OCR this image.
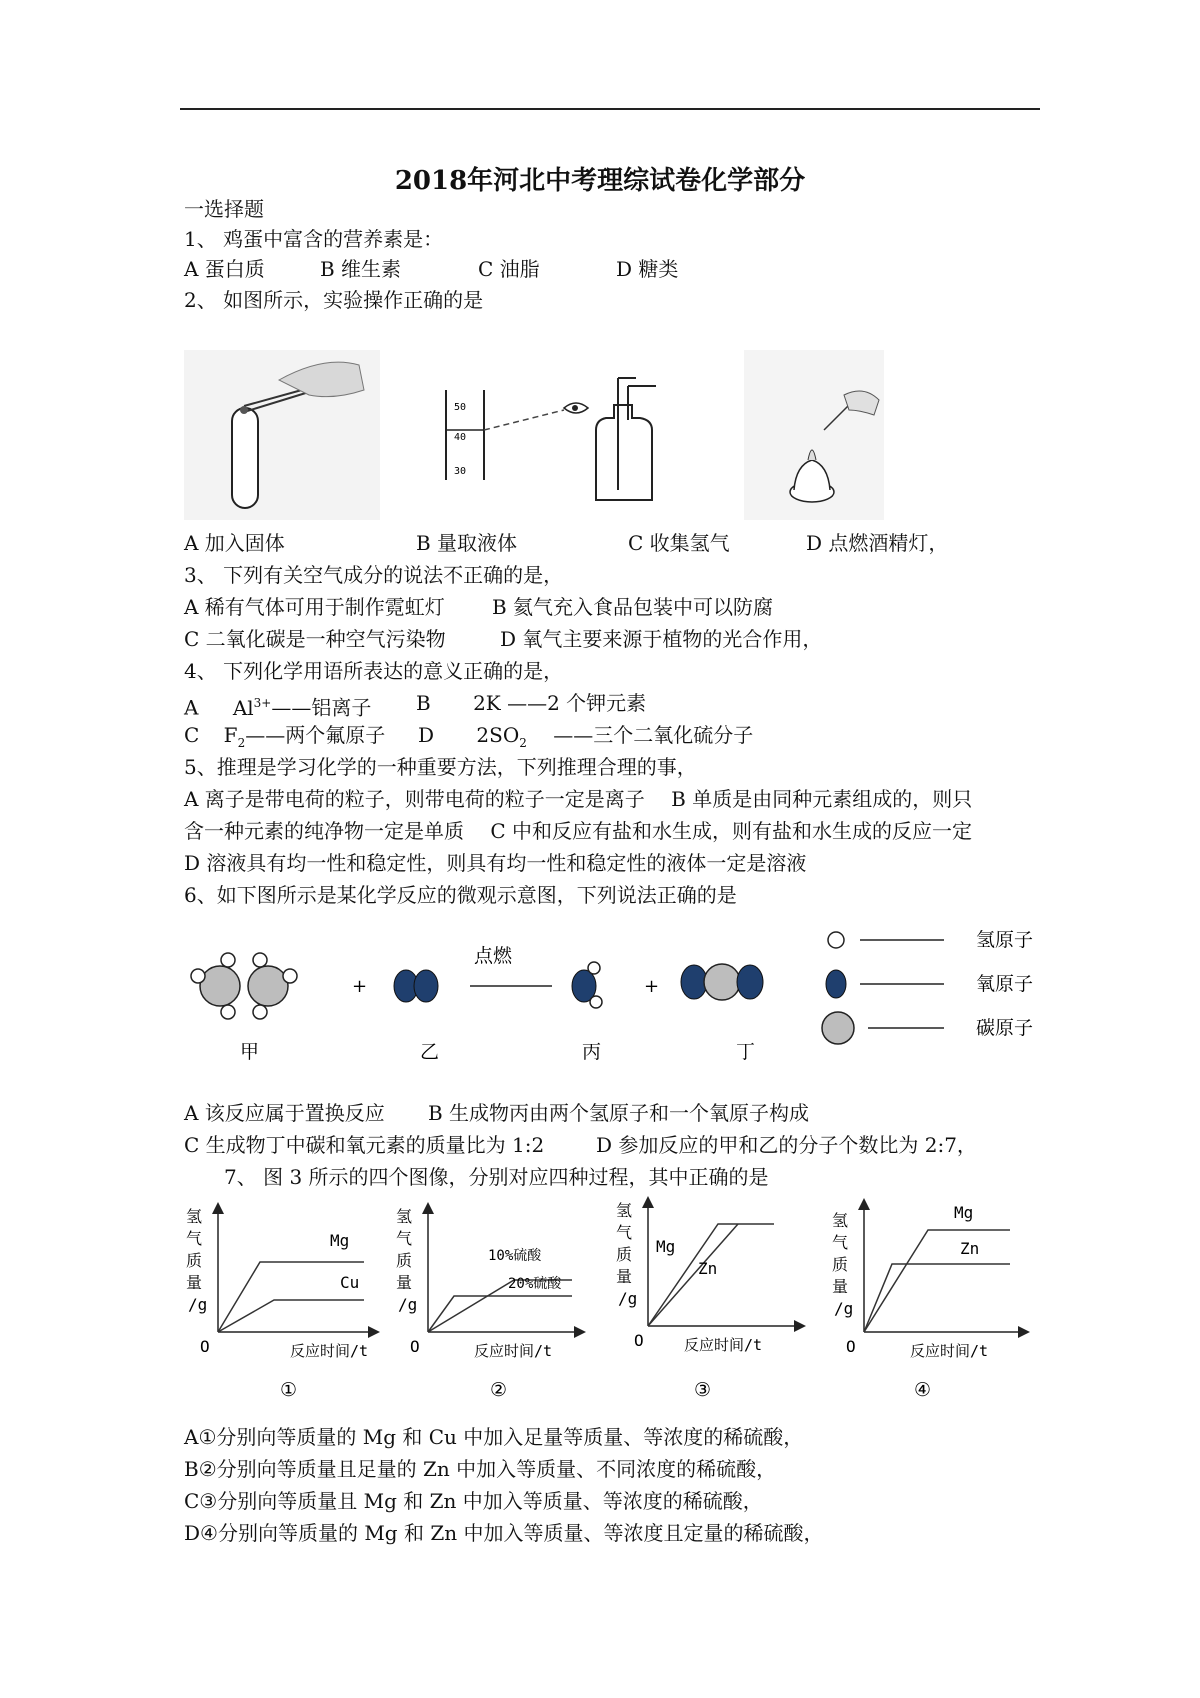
2018年河北中考理综试卷化学部分
一选择题
1、 鸡蛋中富含的营养素是：
A 蛋白质	B 维生素	C 油脂	D 糖类
2、 如图所示，实验操作正确的是
50
40
30
A 加入固体	B 量取液体	C 收集氢气	D 点燃酒精灯，
3、 下列有关空气成分的说法不正确的是，
A 稀有气体可用于制作霓虹灯 B 氦气充入食品包装中可以防腐
C 二氧化碳是一种空气污染物	D 氧气主要来源于植物的光合作用，
4、 下列化学用语所表达的意义正确的是，
A $Al^{3+}——$铝离子 B 2K ——2 个钾元素
C $F_2——$两个氟原子 D $2SO_2$ ——三个二氧化硫分子
5、推理是学习化学的一种重要方法，下列推理合理的事，
A 离子是带电荷的粒子，则带电荷的粒子一定是离子　 B 单质是由同种元素组成的，则只
含一种元素的纯净物一定是单质　 C 中和反应有盐和水生成，则有盐和水生成的反应一定
D 溶液具有均一性和稳定性，则具有均一性和稳定性的液体一定是溶液
6、如下图所示是某化学反应的微观示意图，下列说法正确的是
+
点燃
+
氢原子
氧原子
碳原子
甲	乙	丙	丁
A 该反应属于置换反应 B 生成物丙由两个氢原子和一个氧原子构成
C 生成物丁中碳和氧元素的质量比为 1:2	D 参加反应的甲和乙的分子个数比为 2:7，
7、 图 3 所示的四个图像，分别对应四种过程，其中正确的是
氢
气
质
量
/g
O	反应时间/t
Mg
Cu
①
氢
气
质
量
/g
O	反应时间/t
10%硫酸
20%硫酸
②
氢
气
质
量
/g
O	反应时间/t
Mg
Zn
③
氢
气
质
量
/g
O	反应时间/t
Mg
Zn
④
A①分别向等质量的 Mg 和 Cu 中加入足量等质量、等浓度的稀硫酸，
B②分别向等质量且足量的 Zn 中加入等质量、不同浓度的稀硫酸，
C③分别向等质量且 Mg 和 Zn 中加入等质量、等浓度的稀硫酸，
D④分别向等质量的 Mg 和 Zn 中加入等质量、等浓度且定量的稀硫酸，
